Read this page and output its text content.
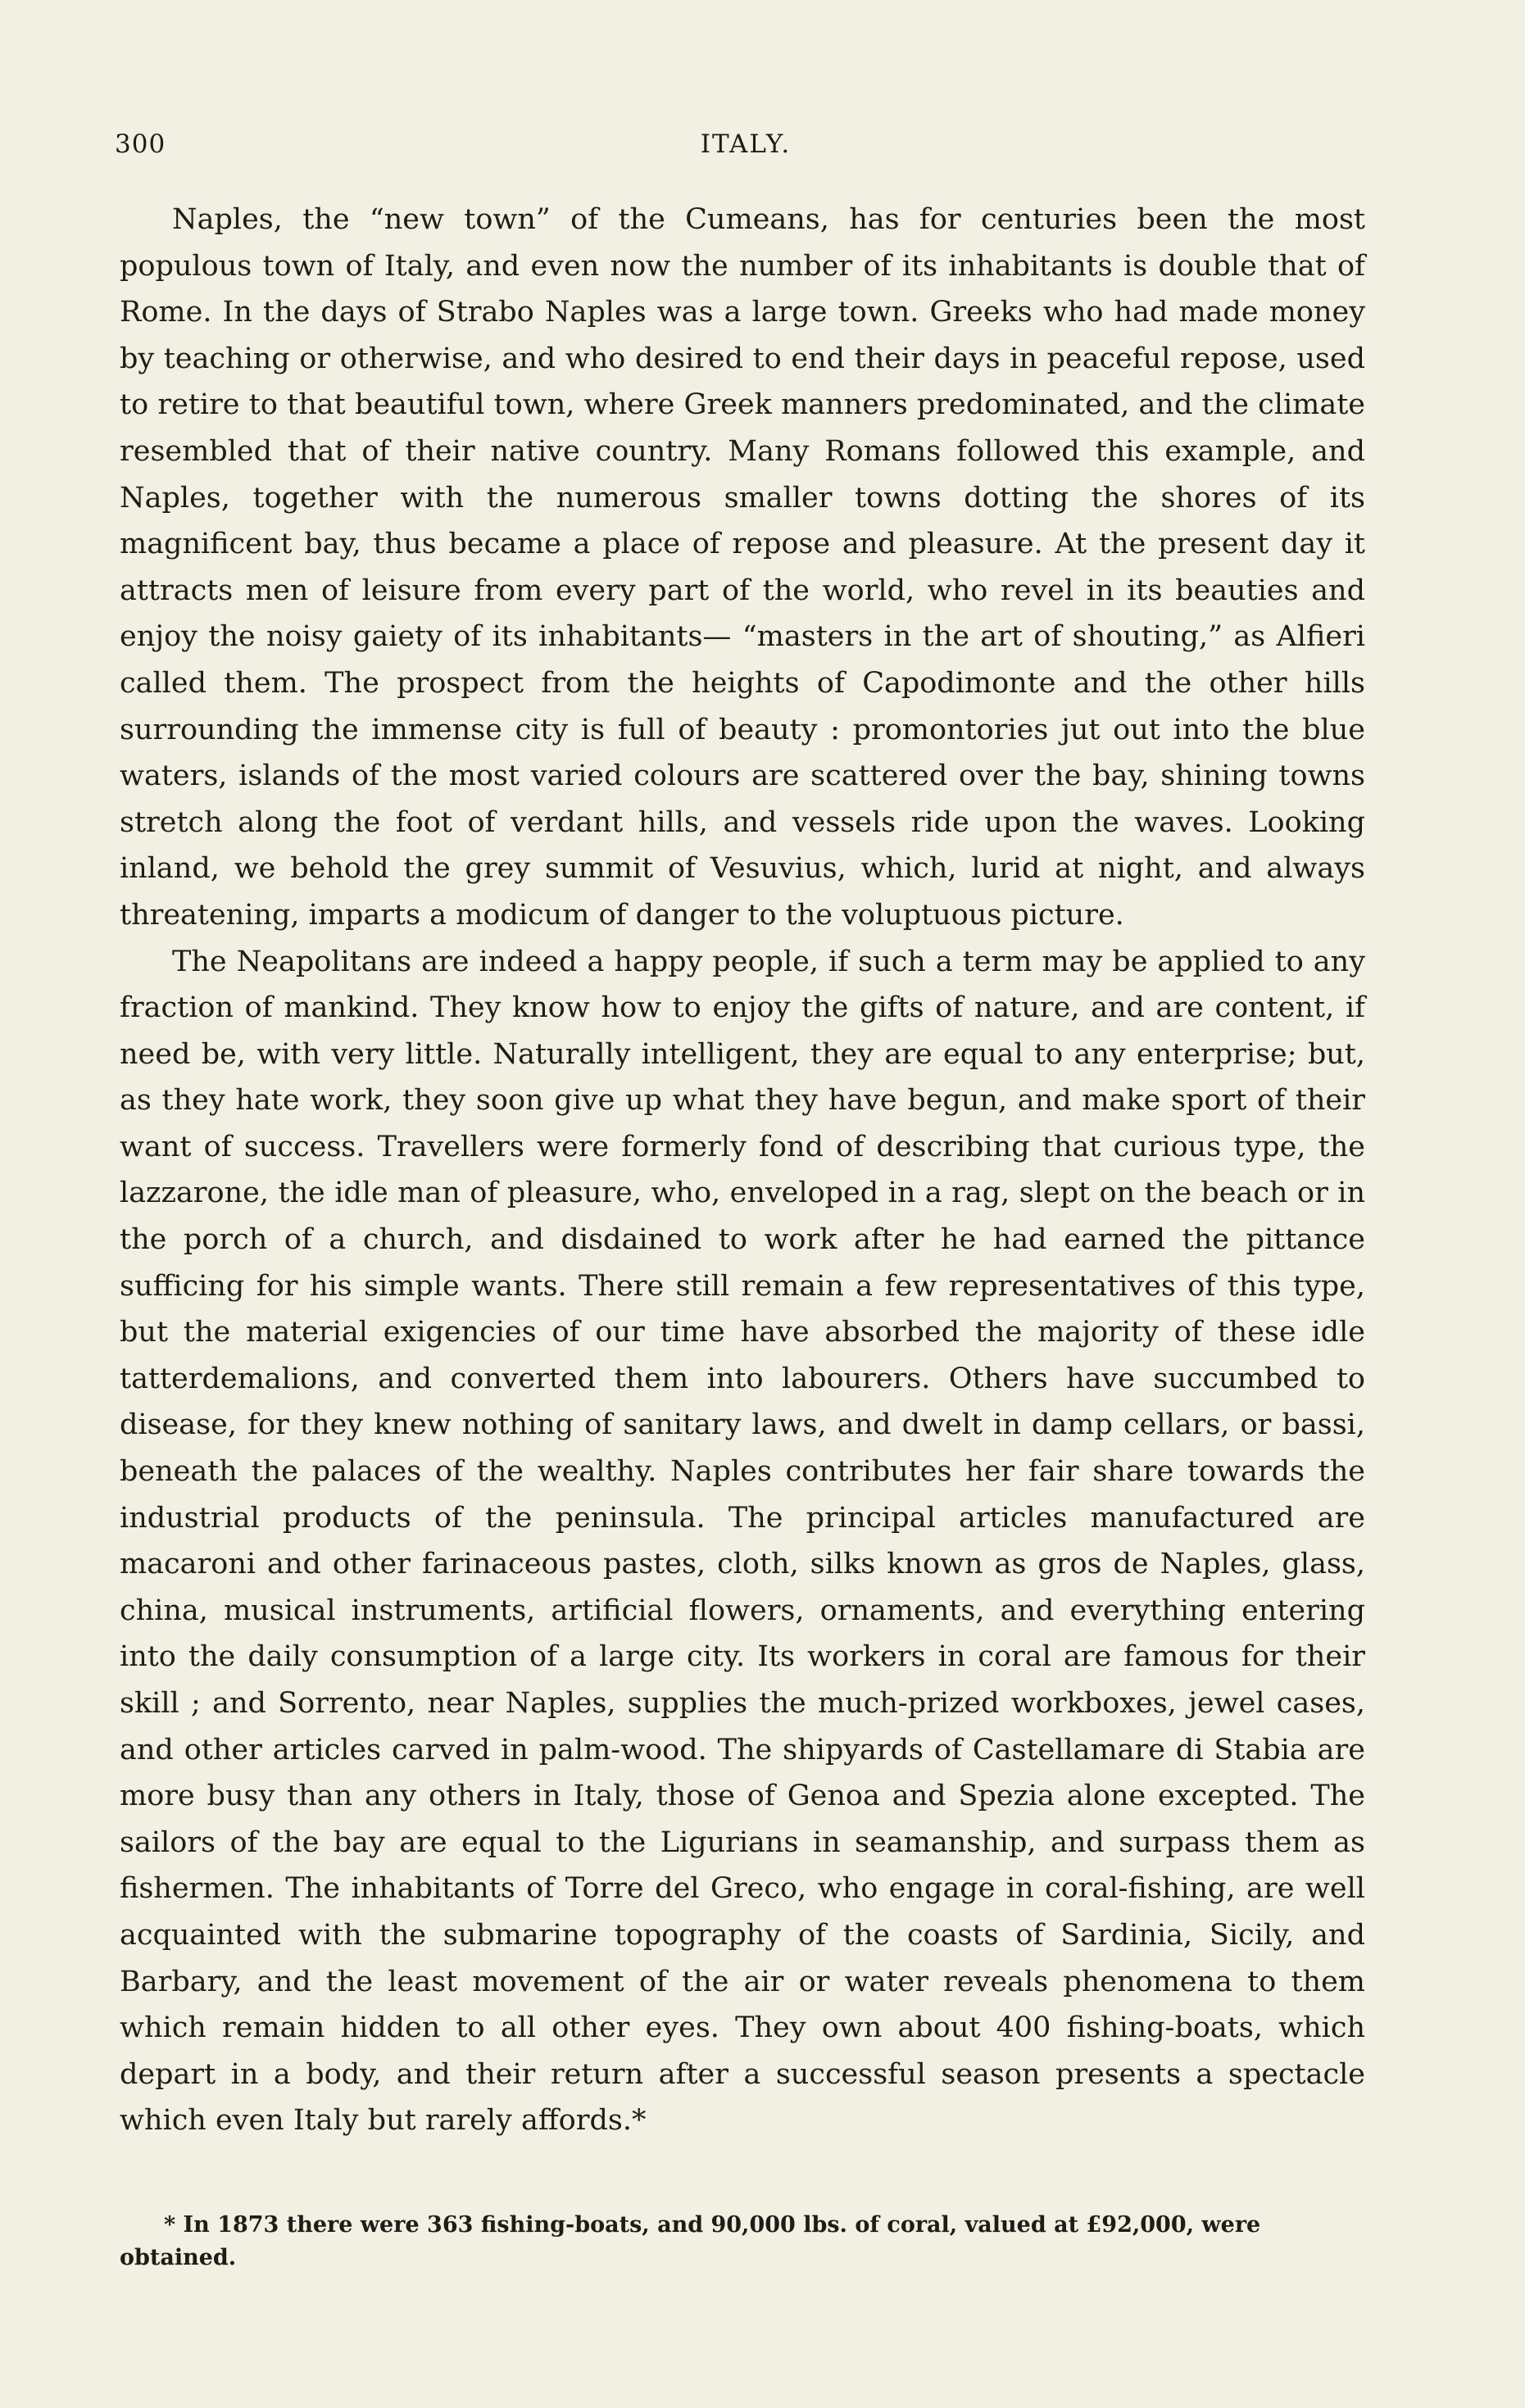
300	ITALY.

Naples, the “new town” of the Cumeans, has for centuries been the most populous town of Italy, and even now the number of its inhabitants is double that of Rome. In the days of Strabo Naples was a large town. Greeks who had made money by teaching or otherwise, and who desired to end their days in peaceful repose, used to retire to that beautiful town, where Greek manners predominated, and the climate resembled that of their native country. Many Romans followed this example, and Naples, together with the numerous smaller towns dotting the shores of its magnificent bay, thus became a place of repose and pleasure. At the present day it attracts men of leisure from every part of the world, who revel in its beauties and enjoy the noisy gaiety of its inhabitants— “masters in the art of shouting,” as Alfieri called them. The prospect from the heights of Capodimonte and the other hills surrounding the immense city is full of beauty : promontories jut out into the blue waters, islands of the most varied colours are scattered over the bay, shining towns stretch along the foot of verdant hills, and vessels ride upon the waves. Looking inland, we behold the grey summit of Vesuvius, which, lurid at night, and always threatening, imparts a modicum of danger to the voluptuous picture.

The Neapolitans are indeed a happy people, if such a term may be applied to any fraction of mankind. They know how to enjoy the gifts of nature, and are content, if need be, with very little. Naturally intelligent, they are equal to any enterprise; but, as they hate work, they soon give up what they have begun, and make sport of their want of success. Travellers were formerly fond of describing that curious type, the lazzarone, the idle man of pleasure, who, enveloped in a rag, slept on the beach or in the porch of a church, and disdained to work after he had earned the pittance sufficing for his simple wants. There still remain a few representatives of this type, but the material exigencies of our time have absorbed the majority of these idle tatterdemalions, and converted them into labourers. Others have succumbed to disease, for they knew nothing of sanitary laws, and dwelt in damp cellars, or bassi, beneath the palaces of the wealthy. Naples contributes her fair share towards the industrial products of the peninsula. The principal articles manufactured are macaroni and other farinaceous pastes, cloth, silks known as gros de Naples, glass, china, musical instruments, artificial flowers, ornaments, and everything entering into the daily consumption of a large city. Its workers in coral are famous for their skill ; and Sorrento, near Naples, supplies the much-prized workboxes, jewel cases, and other articles carved in palm-wood. The shipyards of Castellamare di Stabia are more busy than any others in Italy, those of Genoa and Spezia alone excepted. The sailors of the bay are equal to the Ligurians in seamanship, and surpass them as fishermen. The inhabitants of Torre del Greco, who engage in coral-fishing, are well acquainted with the submarine topography of the coasts of Sardinia, Sicily, and Barbary, and the least movement of the air or water reveals phenomena to them which remain hidden to all other eyes. They own about 400 fishing-boats, which depart in a body, and their return after a successful season presents a spectacle which even Italy but rarely affords.*

* In 1873 there were 363 fishing-boats, and 90,000 lbs. of coral, valued at £92,000, were obtained.
